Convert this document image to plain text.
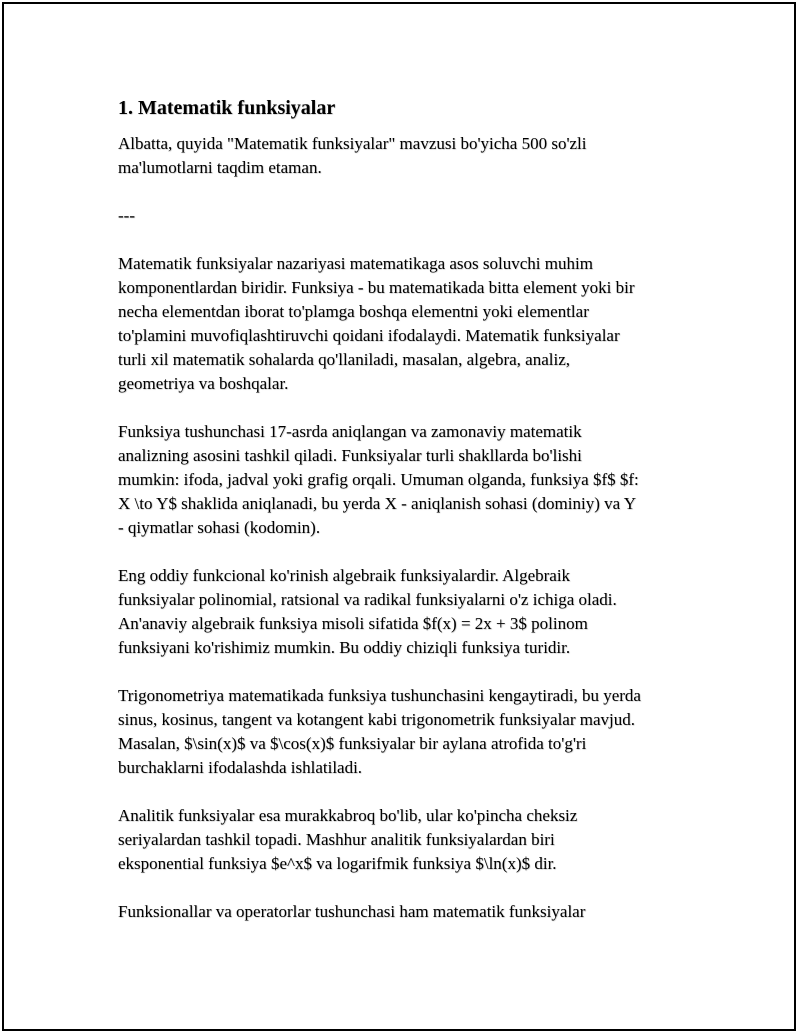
1. Matematik funksiyalar
Albatta, quyida "Matematik funksiyalar" mavzusi bo'yicha 500 so'zli
ma'lumotlarni taqdim etaman.
---
Matematik funksiyalar nazariyasi matematikaga asos soluvchi muhim
komponentlardan biridir. Funksiya - bu matematikada bitta element yoki bir
necha elementdan iborat to'plamga boshqa elementni yoki elementlar
to'plamini muvofiqlashtiruvchi qoidani ifodalaydi. Matematik funksiyalar
turli xil matematik sohalarda qo'llaniladi, masalan, algebra, analiz,
geometriya va boshqalar.
Funksiya tushunchasi 17-asrda aniqlangan va zamonaviy matematik
analizning asosini tashkil qiladi. Funksiyalar turli shakllarda bo'lishi
mumkin: ifoda, jadval yoki grafig orqali. Umuman olganda, funksiya $f$ $f:
X \to Y$ shaklida aniqlanadi, bu yerda X - aniqlanish sohasi (dominiy) va Y
- qiymatlar sohasi (kodomin).
Eng oddiy funkcional ko'rinish algebraik funksiyalardir. Algebraik
funksiyalar polinomial, ratsional va radikal funksiyalarni o'z ichiga oladi.
An'anaviy algebraik funksiya misoli sifatida $f(x) = 2x + 3$ polinom
funksiyani ko'rishimiz mumkin. Bu oddiy chiziqli funksiya turidir.
Trigonometriya matematikada funksiya tushunchasini kengaytiradi, bu yerda
sinus, kosinus, tangent va kotangent kabi trigonometrik funksiyalar mavjud.
Masalan, $\sin(x)$ va $\cos(x)$ funksiyalar bir aylana atrofida to'g'ri
burchaklarni ifodalashda ishlatiladi.
Analitik funksiyalar esa murakkabroq bo'lib, ular ko'pincha cheksiz
seriyalardan tashkil topadi. Mashhur analitik funksiyalardan biri
eksponential funksiya $e^x$ va logarifmik funksiya $\ln(x)$ dir.
Funksionallar va operatorlar tushunchasi ham matematik funksiyalar
